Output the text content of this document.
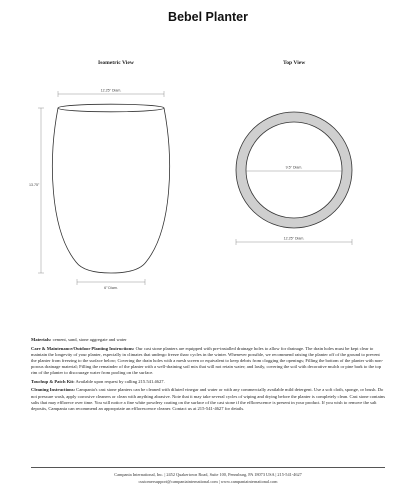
Bebel Planter
Isometric View	Top View
12.25" Diam.
13.75"
6" Diam.
9.5" Diam.
12.25" Diam.

Materials: cement, sand, stone aggregate and water

Care & Maintenance/Outdoor Planting Instructions: Our cast stone planters are equipped with pre-installed drainage holes to allow for drainage. The drain holes must be kept clear to maintain the longevity of your planter, especially in climates that undergo freeze thaw cycles in the winter. Whenever possible, we recommend raising the planter off of the ground to prevent the planter from freezing to the surface below; Covering the drain holes with a mesh screen or equivalent to keep debris from clogging the openings; Filling the bottom of the planter with non-porous drainage material; Filling the remainder of the planter with a well-draining soil mix that will not retain water; and lastly, covering the soil with decorative mulch or pine bark to the top rim of the planter to discourage water from pooling on the surface.

Touchup & Patch Kit: Available upon request by calling 215.541.4627.

Cleaning Instructions: Campania's cast stone planters can be cleaned with diluted vinegar and water or with any commercially available mild detergent. Use a soft cloth, sponge, or brush. Do not pressure wash, apply corrosive cleaners or clean with anything abrasive. Note that it may take several cycles of wiping and drying before the planter is completely clean. Cast stone contains salts that may efflorece over time. You will notice a fine white powdery coating on the surface of the cast stone if the efflorescence is present in your product. If you wish to remove the salt deposits, Campania can recommend an appropriate an efflorescence cleaner. Contact us at 215-541-4627 for details.

Campania International, Inc. | 2452 Quakertown Road, Suite 100, Pennsburg, PA 18073 USA | 215-541-4627
customersupport@campaniainternational.com | www.campaniainternational.com
